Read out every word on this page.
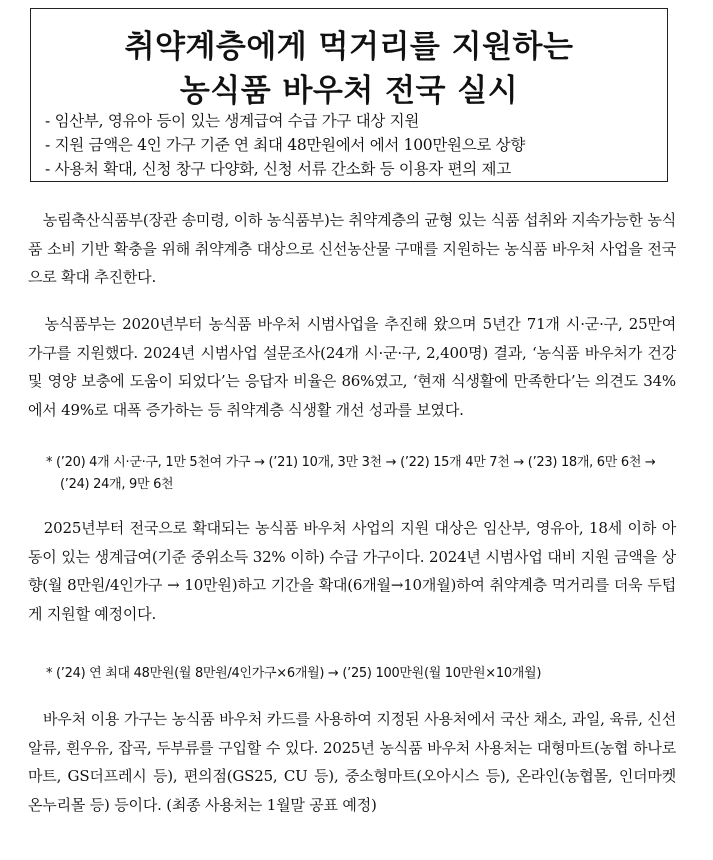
취약계층에게 먹거리를 지원하는
농식품 바우처 전국 실시
- 임산부, 영유아 등이 있는 생계급여 수급 가구 대상 지원
- 지원 금액은 4인 가구 기준 연 최대 48만원에서 에서 100만원으로 상향
- 사용처 확대, 신청 창구 다양화, 신청 서류 간소화 등 이용자 편의 제고

　농림축산식품부(장관 송미령, 이하 농식품부)는 취약계층의 균형 있는 식품 섭취와 지속가능한 농식품 소비 기반 확충을 위해 취약계층 대상으로 신선농산물 구매를 지원하는 농식품 바우처 사업을 전국으로 확대 추진한다.

　농식품부는 2020년부터 농식품 바우처 시범사업을 추진해 왔으며 5년간 71개 시·군·구, 25만여 가구를 지원했다. 2024년 시범사업 설문조사(24개 시·군·구, 2,400명) 결과, ‘농식품 바우처가 건강 및 영양 보충에 도움이 되었다’는 응답자 비율은 86%였고, ‘현재 식생활에 만족한다’는 의견도 34%에서 49%로 대폭 증가하는 등 취약계층 식생활 개선 성과를 보였다.

* (’20) 4개 시·군·구, 1만 5천여 가구 → (’21) 10개, 3만 3천 → (’22) 15개 4만 7천 → (’23) 18개, 6만 6천 → (’24) 24개, 9만 6천

　2025년부터 전국으로 확대되는 농식품 바우처 사업의 지원 대상은 임산부, 영유아, 18세 이하 아동이 있는 생계급여(기준 중위소득 32% 이하) 수급 가구이다. 2024년 시범사업 대비 지원 금액을 상향(월 8만원/4인가구 → 10만원)하고 기간을 확대(6개월→10개월)하여 취약계층 먹거리를 더욱 두텁게 지원할 예정이다.

* (’24) 연 최대 48만원(월 8만원/4인가구×6개월) → (’25) 100만원(월 10만원×10개월)

　바우처 이용 가구는 농식품 바우처 카드를 사용하여 지정된 사용처에서 국산 채소, 과일, 육류, 신선알류, 흰우유, 잡곡, 두부류를 구입할 수 있다. 2025년 농식품 바우처 사용처는 대형마트(농협 하나로마트, GS더프레시 등), 편의점(GS25, CU 등), 중소형마트(오아시스 등), 온라인(농협몰, 인더마켓 온누리몰 등) 등이다. (최종 사용처는 1월말 공표 예정)
